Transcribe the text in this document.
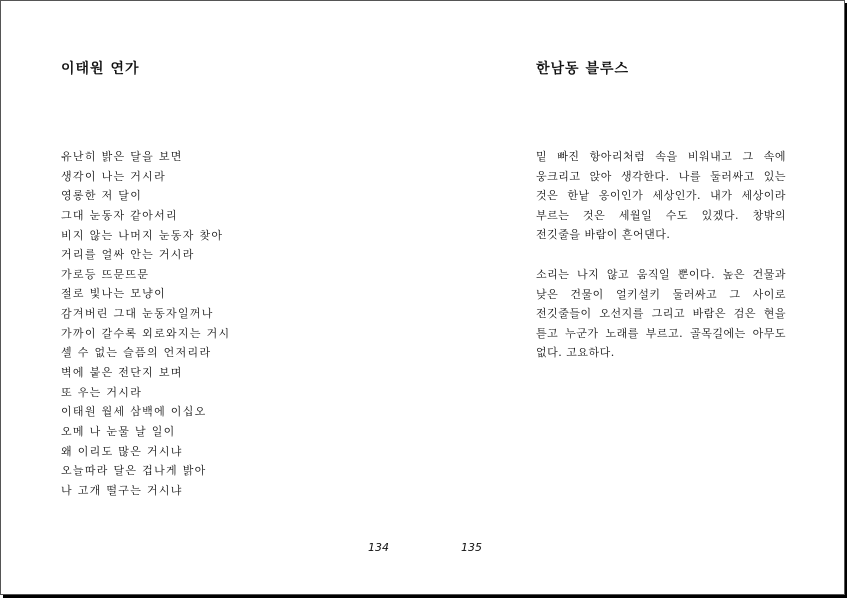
이태원 연가
유난히 밝은 달을 보면
생각이 나는 거시라
영롱한 저 달이
그대 눈동자 같아서리
비지 않는 나머지 눈동자 찾아
거리를 얼싸 안는 거시라
가로등 뜨문뜨문
절로 빛나는 모냥이
감겨버린 그대 눈동자일꺼나
가까이 갈수록 외로와지는 거시
셀 수 없는 슬픔의 언저리라
벽에 붙은 전단지 보며
또 우는 거시라
이태원 월세 삼백에 이십오
오메 나 눈물 날 일이
왜 이리도 많은 거시냐
오늘따라 달은 겁나게 밝아
나 고개 떨구는 거시냐
134
한남동 블루스

밑 빠진 항아리처럼 속을 비워내고 그 속에 웅크리고 앉아 생각한다. 나를 둘러싸고 있는 것은 한낱 옹이인가 세상인가. 내가 세상이라 부르는 것은 세월일 수도 있겠다. 창밖의 전깃줄을 바람이 흔어댄다.

소리는 나지 않고 움직일 뿐이다. 높은 건물과 낮은 건물이 얼키설키 둘러싸고 그 사이로 전깃줄들이 오선지를 그리고 바람은 검은 현을 튿고 누군가 노래를 부르고. 골목길에는 아무도 없다. 고요하다.

135
